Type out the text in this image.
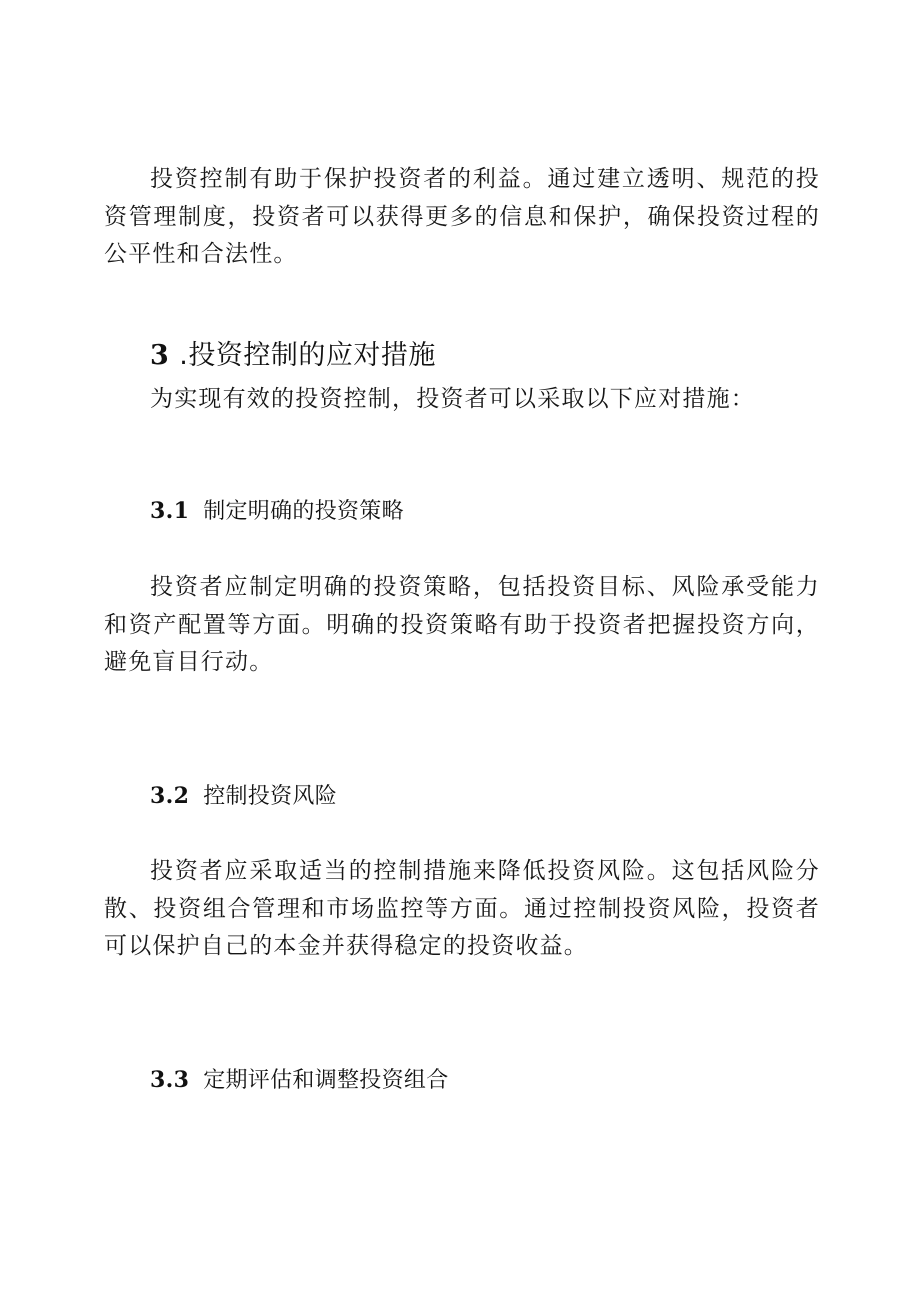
投资控制有助于保护投资者的利益。通过建立透明、规范的投资管理制度，投资者可以获得更多的信息和保护，确保投资过程的公平性和合法性。

3 .投资控制的应对措施

为实现有效的投资控制，投资者可以采取以下应对措施：

3.1 制定明确的投资策略

投资者应制定明确的投资策略，包括投资目标、风险承受能力和资产配置等方面。明确的投资策略有助于投资者把握投资方向，避免盲目行动。

3.2 控制投资风险

投资者应采取适当的控制措施来降低投资风险。这包括风险分散、投资组合管理和市场监控等方面。通过控制投资风险，投资者可以保护自己的本金并获得稳定的投资收益。

3.3 定期评估和调整投资组合
